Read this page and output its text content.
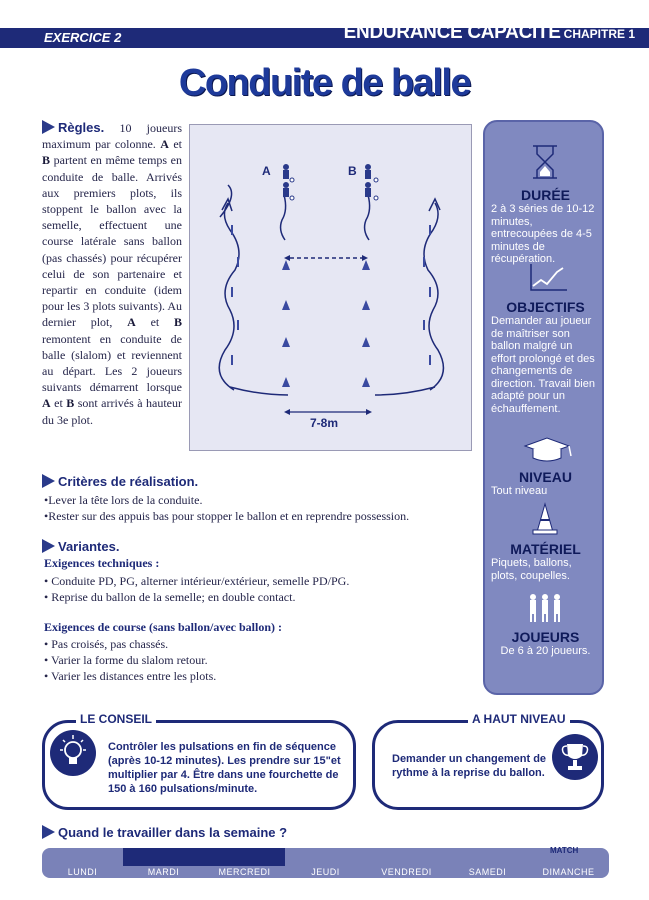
EXERCICE 2	ENDURANCE CAPACITÉ CHAPITRE 1
Conduite de balle
Règles. 10 joueurs maximum par colonne. A et B partent en même temps en conduite de balle. Arrivés aux premiers plots, ils stoppent le ballon avec la semelle, effectuent une course latérale sans ballon (pas chassés) pour récupérer celui de son partenaire et repartir en conduite (idem pour les 3 plots suivants). Au dernier plot, A et B remontent en conduite de balle (slalom) et reviennent au départ. Les 2 joueurs suivants démarrent lorsque A et B sont arrivés à hauteur du 3e plot.
A	B
7-8m
DURÉE
2 à 3 séries de 10-12 minutes, entrecoupées de 4-5 minutes de récupération.
OBJECTIFS
Demander au joueur de maîtriser son ballon malgré un effort prolongé et des changements de direction. Travail bien adapté pour un échauffement.
NIVEAU
Tout niveau
MATÉRIEL
Piquets, ballons, plots, coupelles.
JOUEURS
De 6 à 20 joueurs.
Critères de réalisation.
•Lever la tête lors de la conduite.
•Rester sur des appuis bas pour stopper le ballon et en reprendre possession.
Variantes.
Exigences techniques :
• Conduite PD, PG, alterner intérieur/extérieur, semelle PD/PG.
• Reprise du ballon de la semelle; en double contact.
Exigences de course (sans ballon/avec ballon) :
• Pas croisés, pas chassés.
• Varier la forme du slalom retour.
• Varier les distances entre les plots.
LE CONSEIL
Contrôler les pulsations en fin de séquence (après 10-12 minutes). Les prendre sur 15"et multiplier par 4. Être dans une fourchette de 150 à 160 pulsations/minute.
A HAUT NIVEAU
Demander un changement de rythme à la reprise du ballon.
Quand le travailler dans la semaine ?
LUNDI	MARDI	MERCREDI	JEUDI	VENDREDI	SAMEDI	DIMANCHE
MATCH
